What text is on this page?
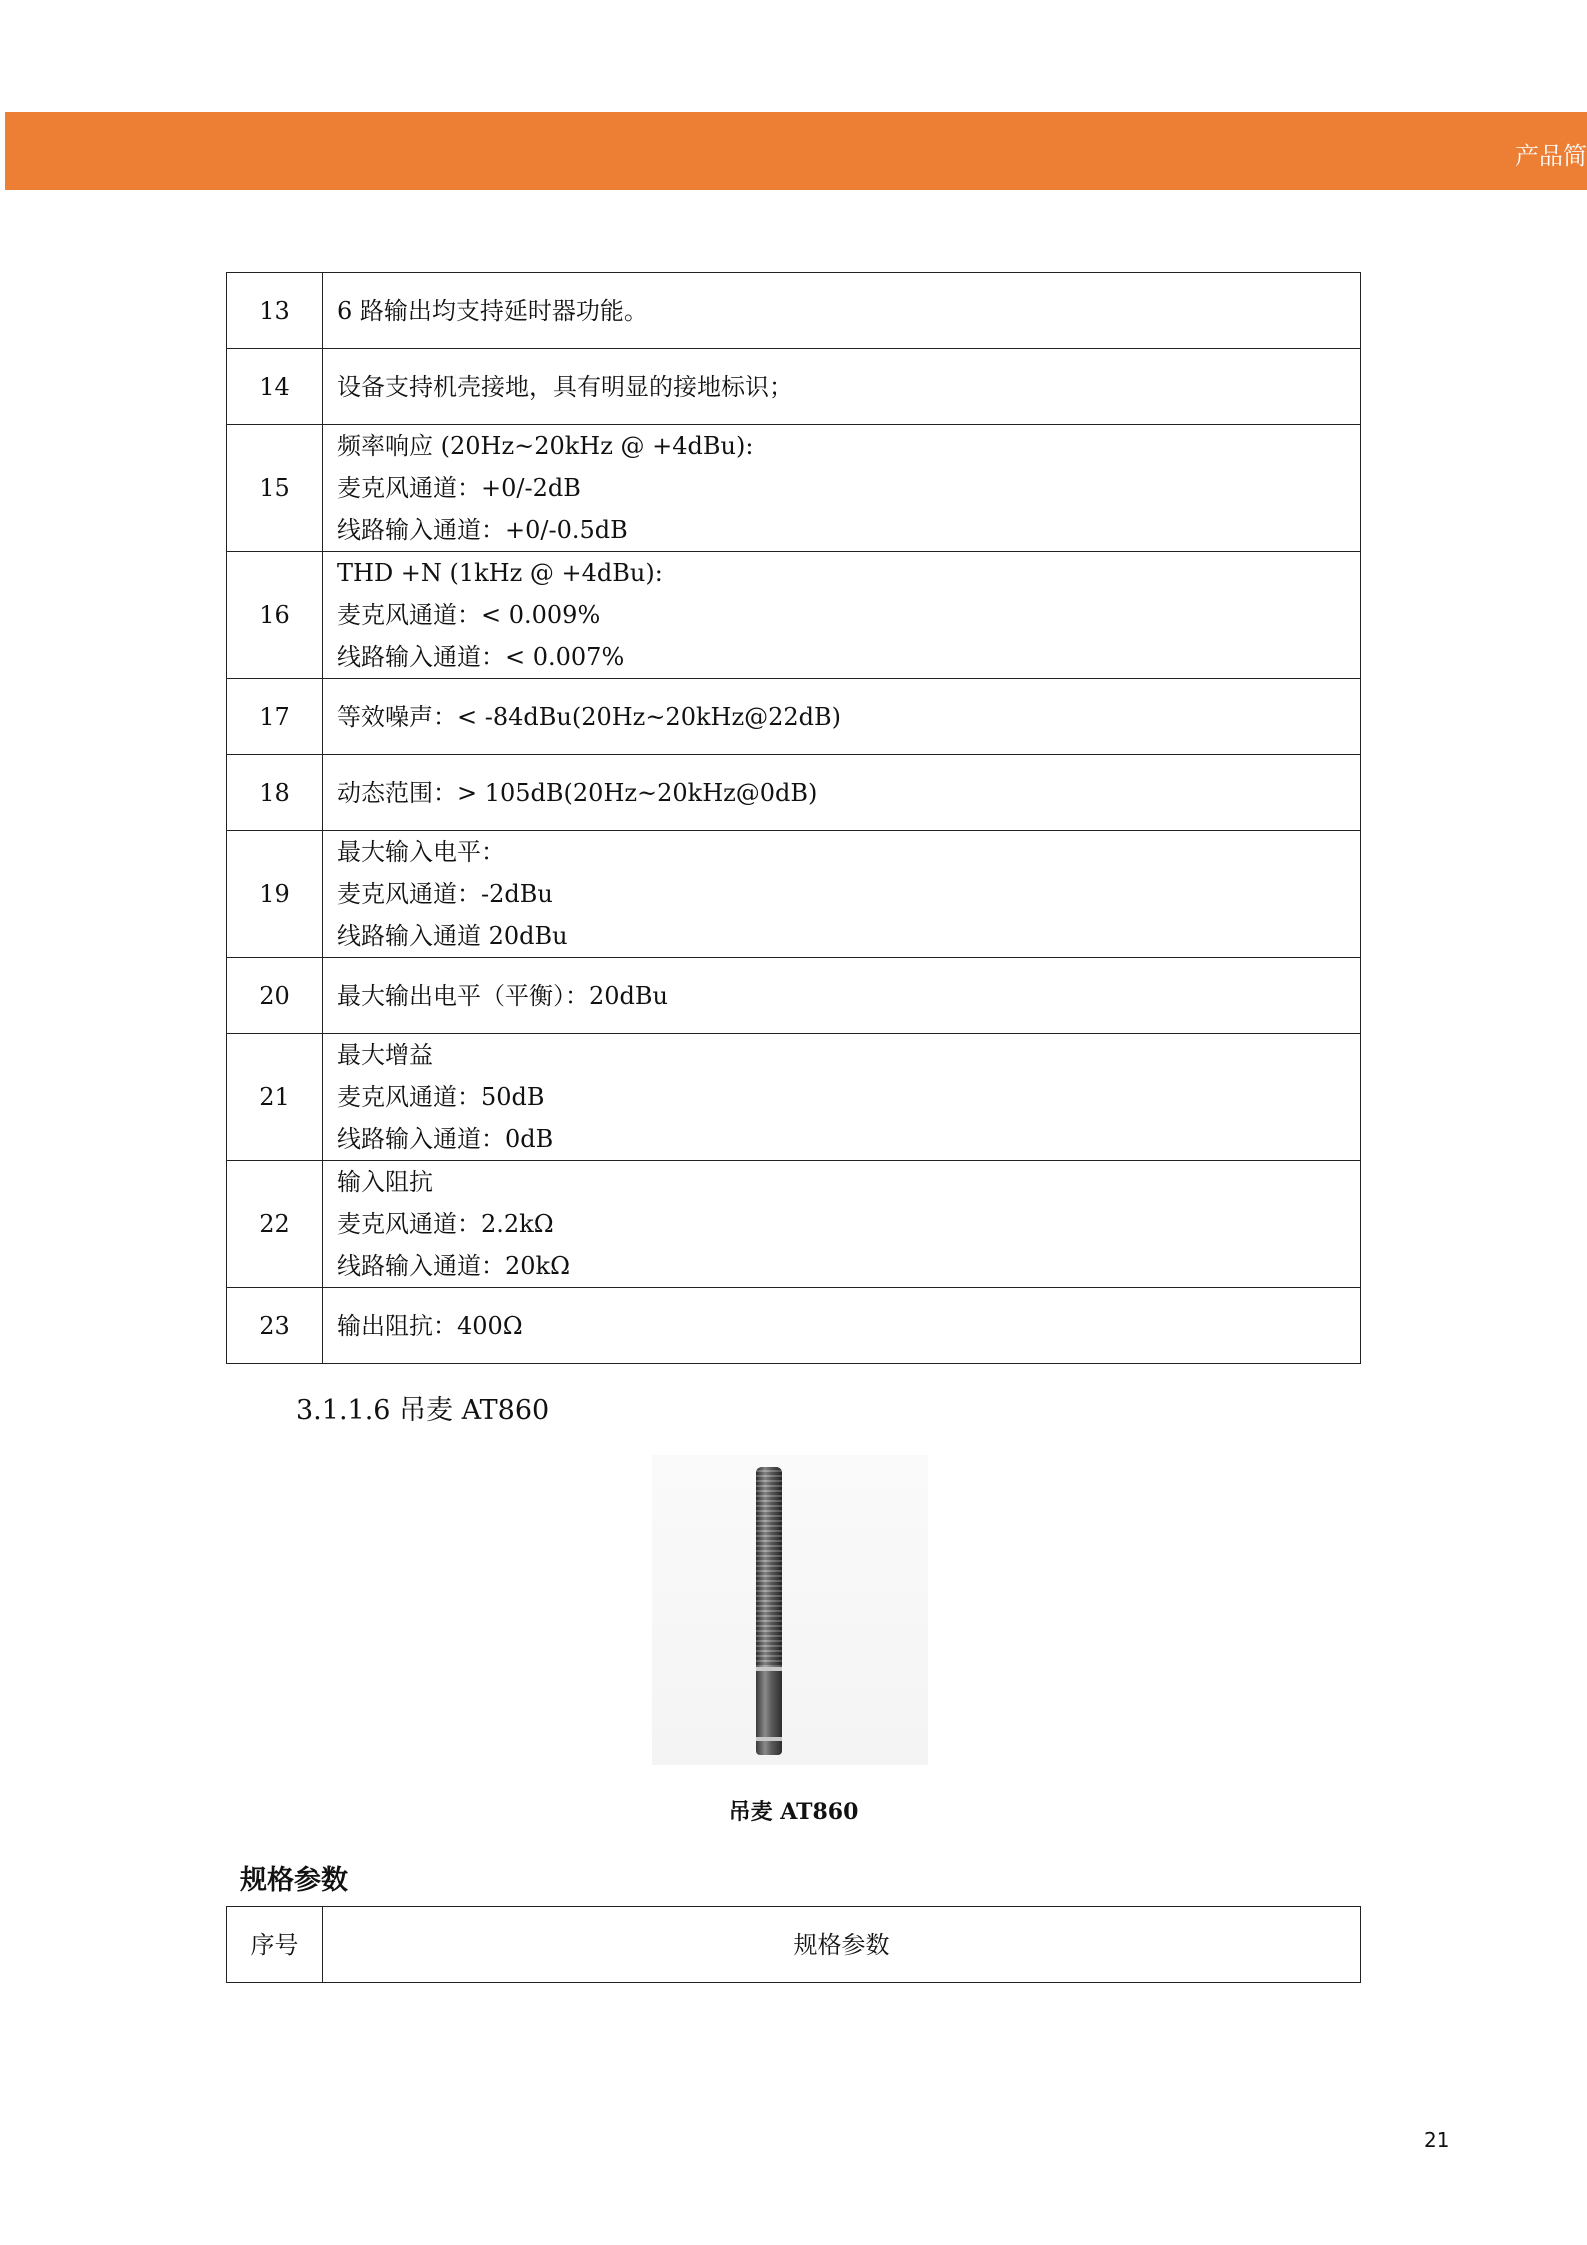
产品简
13	6 路输出均支持延时器功能。

14	设备支持机壳接地，具有明显的接地标识；

15	频率响应 (20Hz~20kHz @ +4dBu):
麦克风通道：+0/-2dB
线路输入通道：+0/-0.5dB

16	THD +N (1kHz @ +4dBu):
麦克风通道：< 0.009%
线路输入通道：< 0.007%

17	等效噪声：< -84dBu(20Hz~20kHz@22dB)

18	动态范围：> 105dB(20Hz~20kHz@0dB)

19	最大输入电平：
麦克风通道：-2dBu
线路输入通道 20dBu

20	最大输出电平（平衡）：20dBu

21	最大增益
麦克风通道：50dB
线路输入通道：0dB

22	输入阻抗
麦克风通道：2.2kΩ
线路输入通道：20kΩ

23	输出阻抗：400Ω
3.1.1.6 吊麦 AT860
吊麦 AT860
规格参数
序号	规格参数
21
